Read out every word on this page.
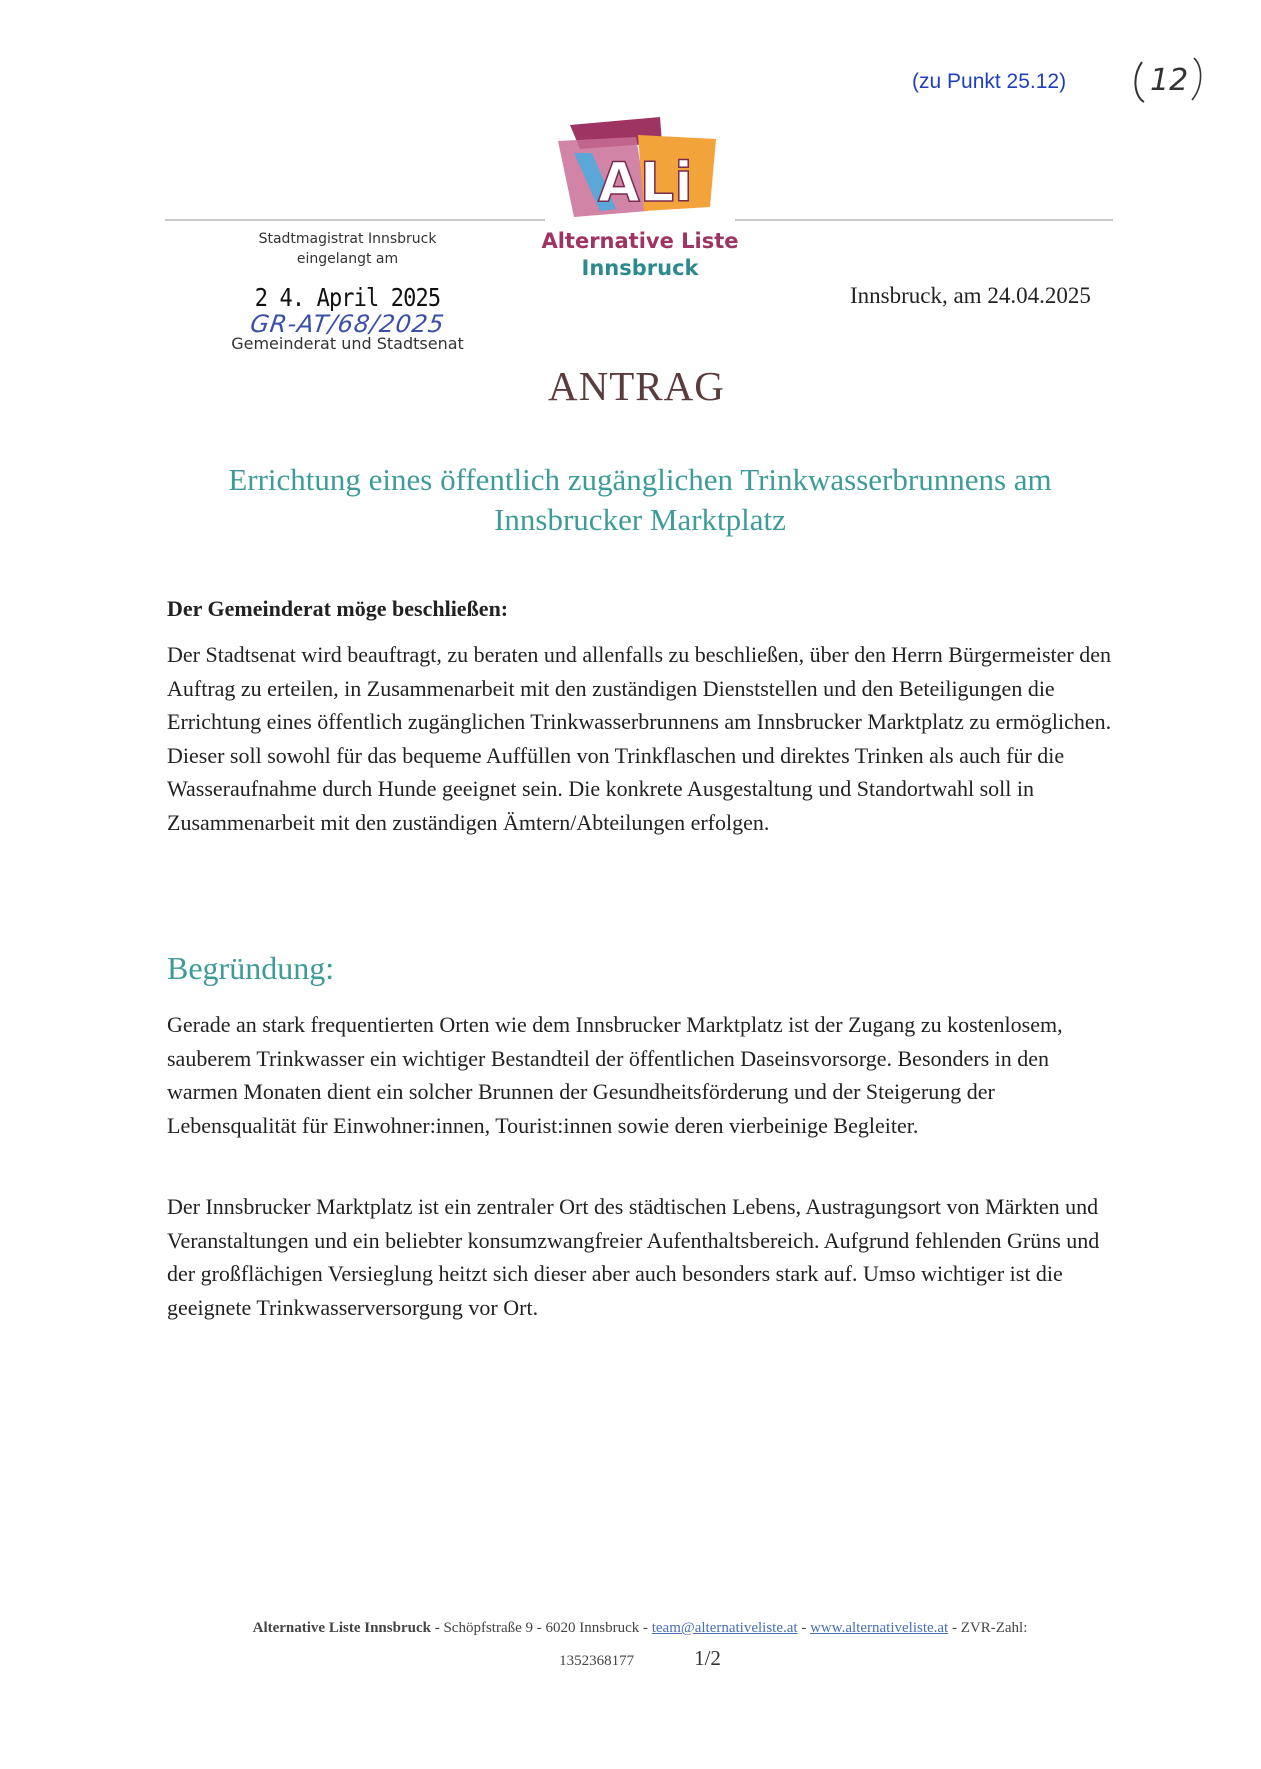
(zu Punkt 25.12)	12
ALi
Alternative Liste
Innsbruck
Stadtmagistrat Innsbruck
eingelangt am
2 4. April 2025
GR-AT/68/2025
Gemeinderat und Stadtsenat
Innsbruck, am 24.04.2025
ANTRAG
Errichtung eines öffentlich zugänglichen Trinkwasserbrunnens am
Innsbrucker Marktplatz
Der Gemeinderat möge beschließen:

Der Stadtsenat wird beauftragt, zu beraten und allenfalls zu beschließen, über den Herrn Bürgermeister den Auftrag zu erteilen, in Zusammenarbeit mit den zuständigen Dienststellen und den Beteiligungen die Errichtung eines öffentlich zugänglichen Trinkwasserbrunnens am Innsbrucker Marktplatz zu ermöglichen.

Dieser soll sowohl für das bequeme Auffüllen von Trinkflaschen und direktes Trinken als auch für die Wasseraufnahme durch Hunde geeignet sein. Die konkrete Ausgestaltung und Standortwahl soll in Zusammenarbeit mit den zuständigen Ämtern/Abteilungen erfolgen.

Begründung:

Gerade an stark frequentierten Orten wie dem Innsbrucker Marktplatz ist der Zugang zu kostenlosem, sauberem Trinkwasser ein wichtiger Bestandteil der öffentlichen Daseinsvorsorge. Besonders in den warmen Monaten dient ein solcher Brunnen der Gesundheitsförderung und der Steigerung der Lebensqualität für Einwohner:innen, Tourist:innen sowie deren vierbeinige Begleiter.

Der Innsbrucker Marktplatz ist ein zentraler Ort des städtischen Lebens, Austragungsort von Märkten und Veranstaltungen und ein beliebter konsumzwangfreier Aufenthaltsbereich. Aufgrund fehlenden Grüns und der großflächigen Versieglung heitzt sich dieser aber auch besonders stark auf. Umso wichtiger ist die geeignete Trinkwasserversorgung vor Ort.

Alternative Liste Innsbruck - Schöpfstraße 9 - 6020 Innsbruck - team@alternativeliste.at - www.alternativeliste.at - ZVR-Zahl:
1352368177	1/2
